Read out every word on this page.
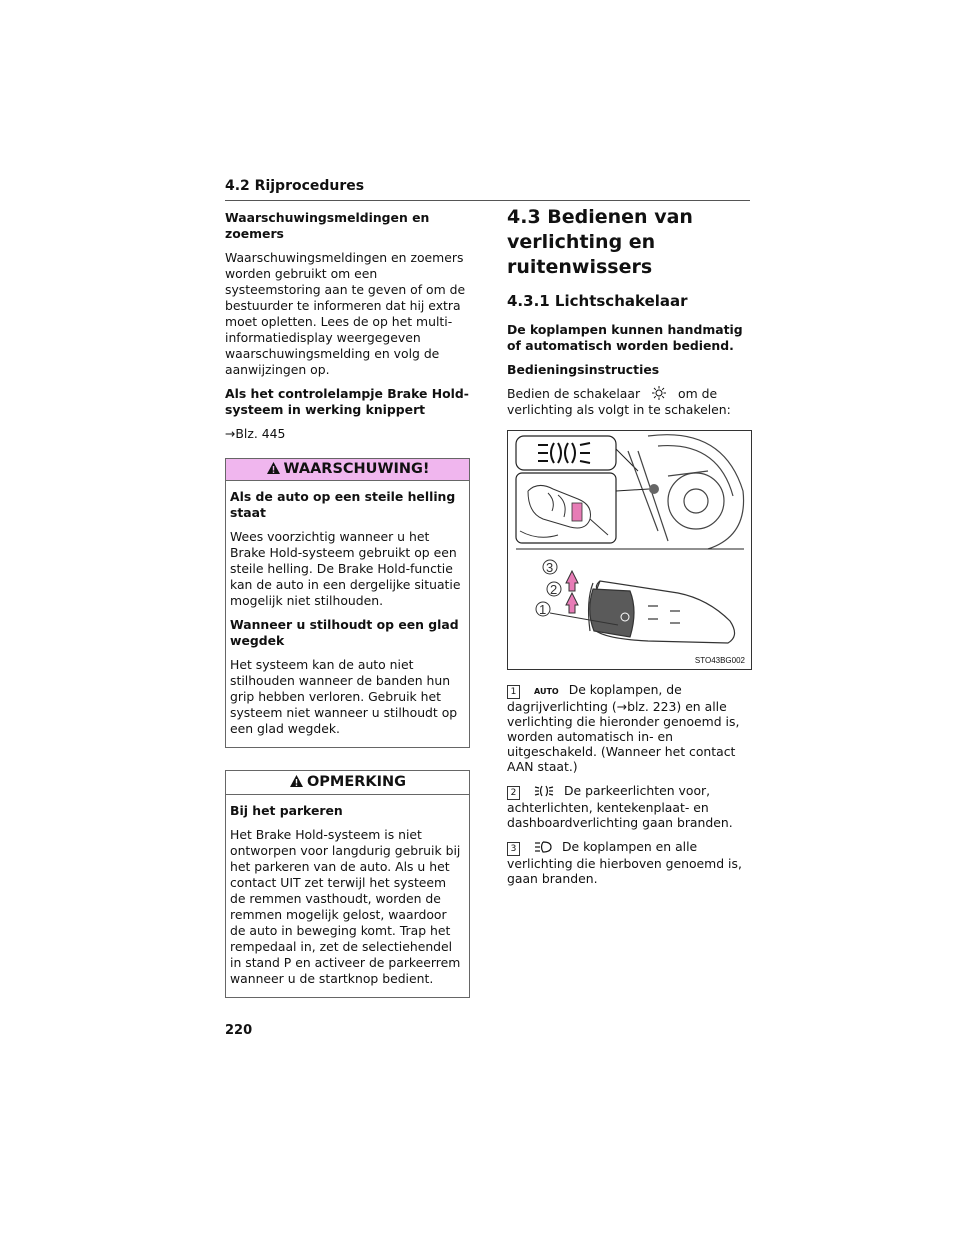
4.2 Rijprocedures

Waarschuwingsmeldingen en zoemers

Waarschuwingsmeldingen en zoemers worden gebruikt om een systeemstoring aan te geven of om de bestuurder te informeren dat hij extra moet opletten. Lees de op het multi-informatiedisplay weergegeven waarschuwingsmelding en volg de aanwijzingen op.

Als het controlelampje Brake Hold-systeem in werking knippert

→Blz. 445

WAARSCHUWING!

Als de auto op een steile helling staat

Wees voorzichtig wanneer u het Brake Hold-systeem gebruikt op een steile helling. De Brake Hold-functie kan de auto in een dergelijke situatie mogelijk niet stilhouden.

Wanneer u stilhoudt op een glad wegdek

Het systeem kan de auto niet stilhouden wanneer de banden hun grip hebben verloren. Gebruik het systeem niet wanneer u stilhoudt op een glad wegdek.

OPMERKING

Bij het parkeren

Het Brake Hold-systeem is niet ontworpen voor langdurig gebruik bij het parkeren van de auto. Als u het contact UIT zet terwijl het systeem de remmen vasthoudt, worden de remmen mogelijk gelost, waardoor de auto in beweging komt. Trap het rempedaal in, zet de selectiehendel in stand P en activeer de parkeerrem wanneer u de startknop bedient.

4.3 Bedienen van verlichting en ruitenwissers

4.3.1 Lichtschakelaar

De koplampen kunnen handmatig of automatisch worden bediend.

Bedieningsinstructies

Bedien de schakelaar	om de verlichting als volgt in te schakelen:

3
2
1
STO43BG002
1 AUTO De koplampen, de dagrijverlichting (→blz. 223) en alle verlichting die hieronder genoemd is, worden automatisch in- en uitgeschakeld. (Wanneer het contact AAN staat.)
2	De parkeerlichten voor, achterlichten, kentekenplaat- en dashboardverlichting gaan branden.
3	De koplampen en alle verlichting die hierboven genoemd is, gaan branden.
220
